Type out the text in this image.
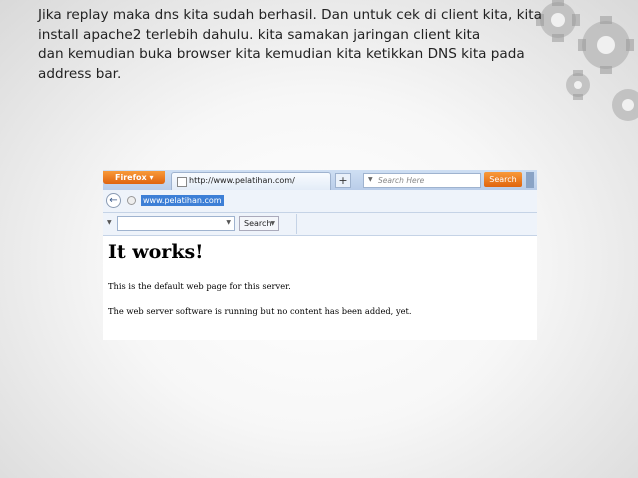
Jika replay maka dns kita sudah berhasil. Dan untuk cek di client kita, kita

install apache2 terlebih dahulu. kita samakan jaringan client kita

dan kemudian buka browser kita kemudian kita ketikkan DNS kita pada

address bar.

Firefox ▾	http://www.pelatihan.com/	+	▼ Search Here	Search
←	www.pelatihan.com
▼	▼	Search
▼
It works!

This is the default web page for this server.

The web server software is running but no content has been added, yet.
